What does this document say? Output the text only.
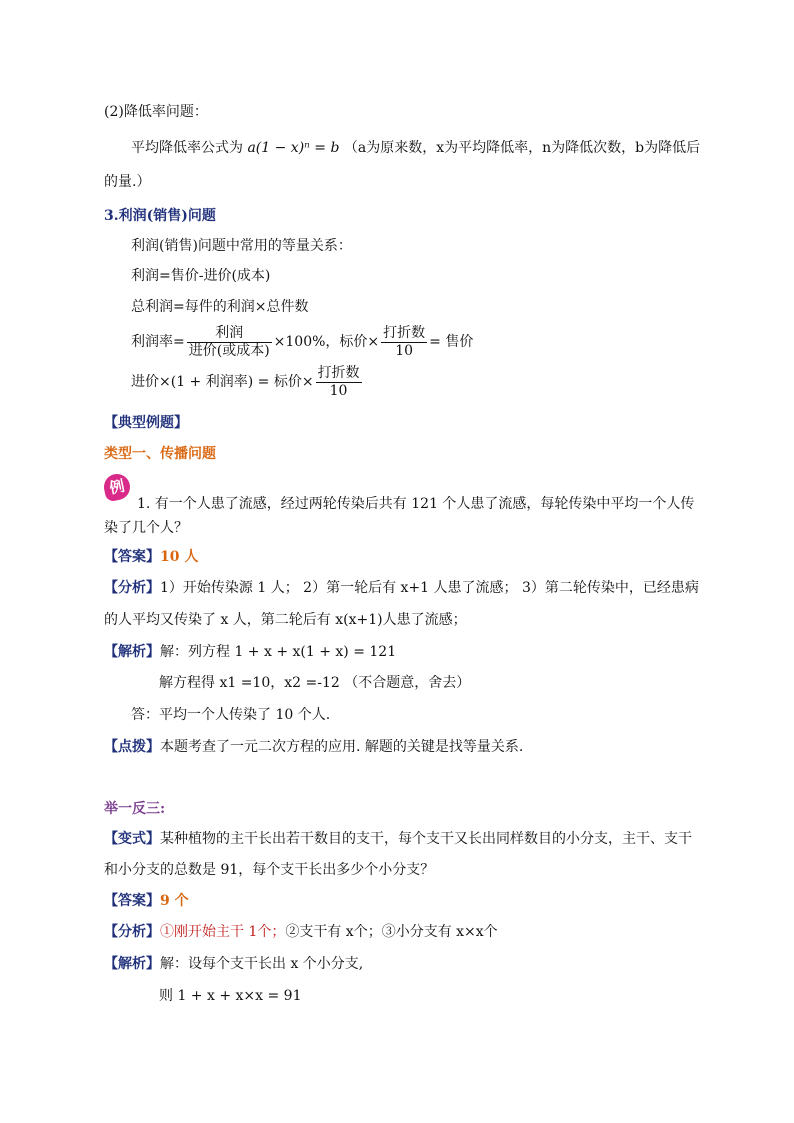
(2)降低率问题：
平均降低率公式为 a(1 − x)ⁿ = b （a为原来数，x为平均降低率，n为降低次数，b为降低后
的量.）
3.利润(销售)问题
利润(销售)问题中常用的等量关系：
利润=售价-进价(成本)
总利润=每件的利润×总件数
利润率= $\frac{\text{利润}}{\text{进价(或成本)}} \times 100\%$，标价× $\frac{\text{打折数}}{10}$ = 售价
进价×(1 + 利润率) = 标价× $\frac{\text{打折数}}{10}$
【典型例题】
类型一、传播问题
例
1. 有一个人患了流感，经过两轮传染后共有 121 个人患了流感，每轮传染中平均一个人传
染了几个人？
【答案】10 人
【分析】1）开始传染源 1 人； 2）第一轮后有 x+1 人患了流感； 3）第二轮传染中，已经患病
的人平均又传染了 x 人，第二轮后有 x(x+1)人患了流感；
【解析】解：列方程 1 + x + x(1 + x) = 121
解方程得 x1 =10，x2 =-12 （不合题意，舍去）
答：平均一个人传染了 10 个人.
【点拨】本题考查了一元二次方程的应用. 解题的关键是找等量关系.
举一反三:
【变式】某种植物的主干长出若干数目的支干，每个支干又长出同样数目的小分支，主干、支干
和小分支的总数是 91，每个支干长出多少个小分支？
【答案】9 个
【分析】①刚开始主干 1个；②支干有 x个；③小分支有 x×x个
【解析】解：设每个支干长出 x 个小分支,
则 1 + x + x×x = 91
